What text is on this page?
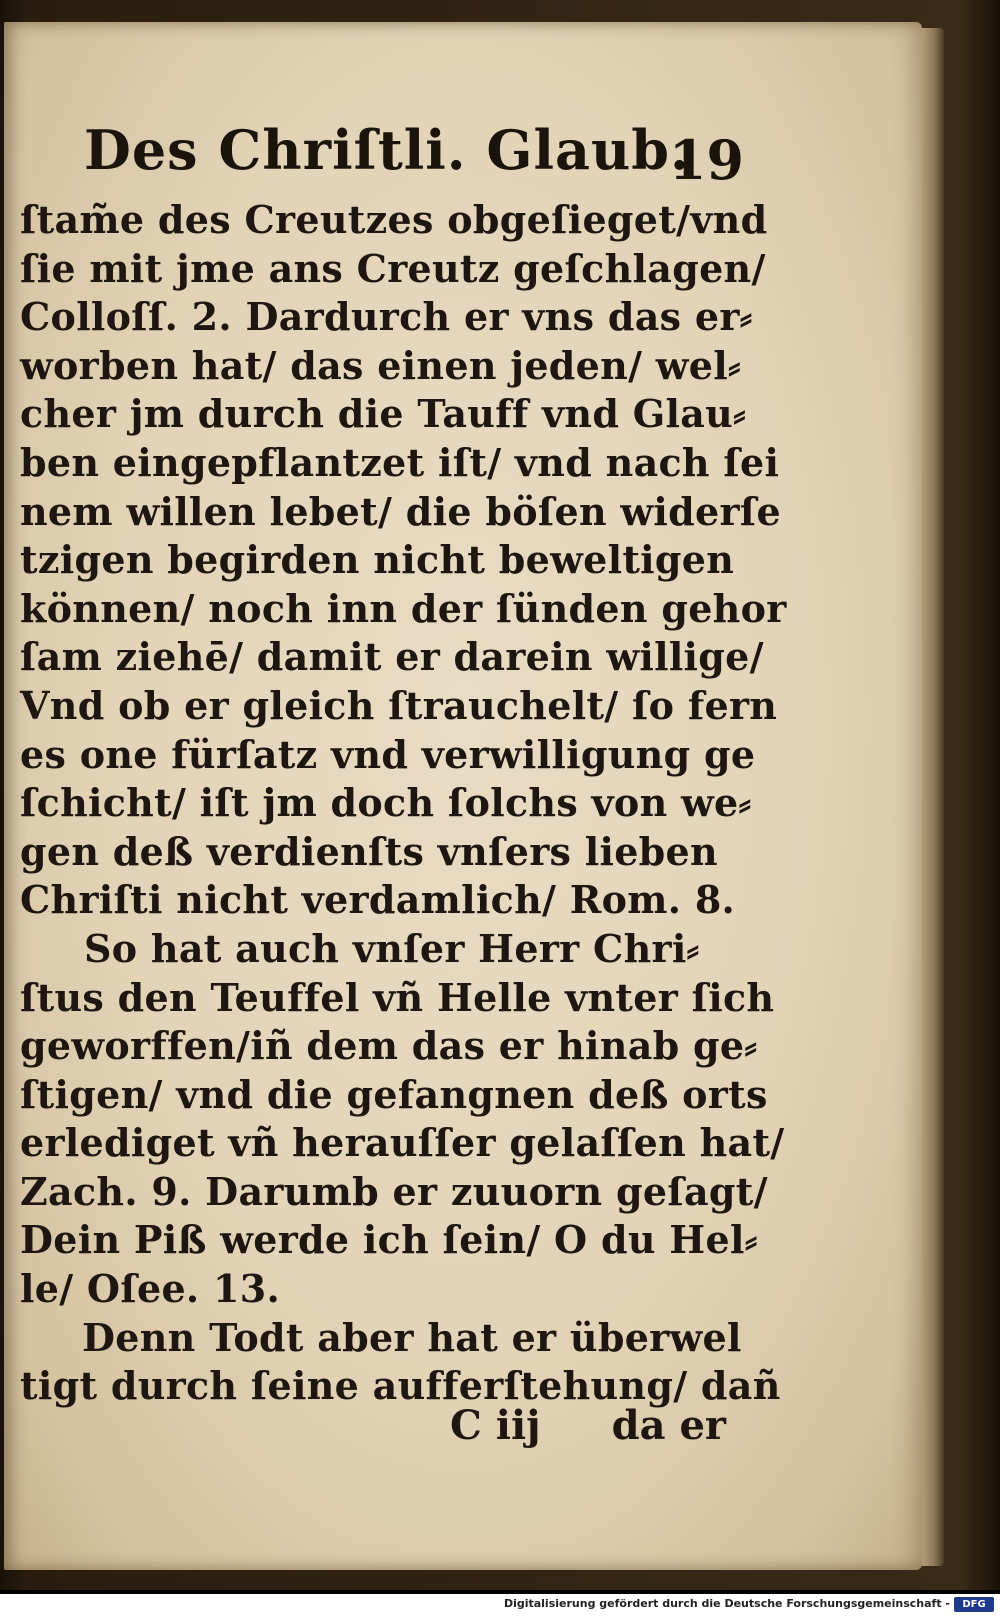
Des Chriſtli. Glaub.
19
ſtam̃e des Creutzes obgeſieget/vnd
ſie mit jme ans Creutz geſchlagen/
Colloſſ. 2. Dardurch er vns das er⸗
worben hat/ das einen jeden/ wel⸗
cher jm durch die Tauff vnd Glau⸗
ben eingepflantzet iſt/ vnd nach ſei
nem willen lebet/ die böſen widerſe
tzigen begirden nicht beweltigen
können/ noch inn der ſünden gehor
ſam ziehē/ damit er darein willige/
Vnd ob er gleich ſtrauchelt/ ſo fern
es one fürſatz vnd verwilligung ge
ſchicht/ iſt jm doch ſolchs von we⸗
gen deß verdienſts vnſers lieben
Chriſti nicht verdamlich/ Rom. 8.
So hat auch vnſer Herr Chri⸗
ſtus den Teuffel vñ Helle vnter ſich
geworffen/iñ dem das er hinab ge⸗
ſtigen/ vnd die gefangnen deß orts
erlediget vñ herauſſer gelaſſen hat/
Zach. 9. Darumb er zuuorn geſagt/
Dein Piß werde ich ſein/ O du Hel⸗
le/ Oſee. 13.
Denn Todt aber hat er überwel
tigt durch ſeine aufferſtehung/ dañ
C iij da er
Digitalisierung gefördert durch die Deutsche Forschungsgemeinschaft -	DFG
